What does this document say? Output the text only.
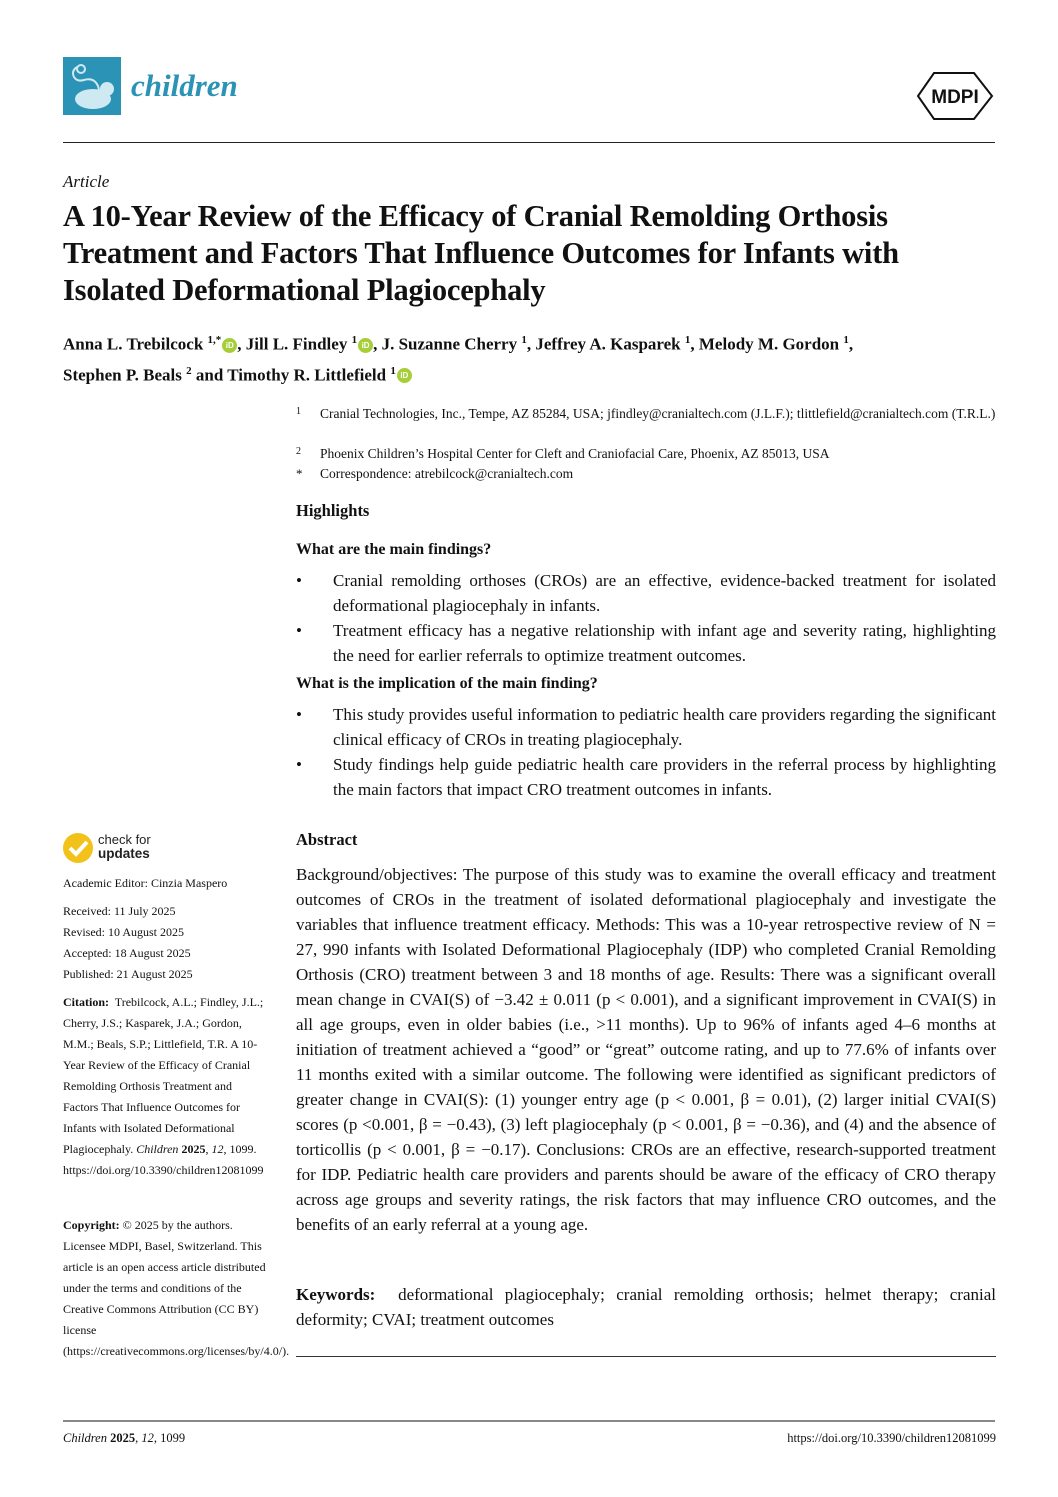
children	MDPI
Article
A 10-Year Review of the Efficacy of Cranial Remolding Orthosis Treatment and Factors That Influence Outcomes for Infants with Isolated Deformational Plagiocephaly
Anna L. Trebilcock $^{1,*}$ iD , Jill L. Findley $^1$ iD , J. Suzanne Cherry $^1$, Jeffrey A. Kasparek $^1$, Melody M. Gordon $^1$,
Stephen P. Beals $^2$ and Timothy R. Littlefield $^1$ iD
1 Cranial Technologies, Inc., Tempe, AZ 85284, USA; jfindley@cranialtech.com (J.L.F.); tlittlefield@cranialtech.com (T.R.L.)
2 Phoenix Children’s Hospital Center for Cleft and Craniofacial Care, Phoenix, AZ 85013, USA
* Correspondence: atrebilcock@cranialtech.com
Highlights
What are the main findings?
• Cranial remolding orthoses (CROs) are an effective, evidence-backed treatment for isolated deformational plagiocephaly in infants.
• Treatment efficacy has a negative relationship with infant age and severity rating, highlighting the need for earlier referrals to optimize treatment outcomes.
What is the implication of the main finding?
• This study provides useful information to pediatric health care providers regarding the significant clinical efficacy of CROs in treating plagiocephaly.
• Study findings help guide pediatric health care providers in the referral process by highlighting the main factors that impact CRO treatment outcomes in infants.
Abstract
Background/objectives: The purpose of this study was to examine the overall efficacy and treatment outcomes of CROs in the treatment of isolated deformational plagiocephaly and investigate the variables that influence treatment efficacy. Methods: This was a 10-year retrospective review of N = 27, 990 infants with Isolated Deformational Plagiocephaly (IDP) who completed Cranial Remolding Orthosis (CRO) treatment between 3 and 18 months of age. Results: There was a significant overall mean change in CVAI(S) of −3.42 ± 0.011 (p < 0.001), and a significant improvement in CVAI(S) in all age groups, even in older babies (i.e., >11 months). Up to 96% of infants aged 4–6 months at initiation of treatment achieved a “good” or “great” outcome rating, and up to 77.6% of infants over 11 months exited with a similar outcome. The following were identified as significant predictors of greater change in CVAI(S): (1) younger entry age (p < 0.001, β = 0.01), (2) larger initial CVAI(S) scores (p <0.001, β = −0.43), (3) left plagiocephaly (p < 0.001, β = −0.36), and (4) and the absence of torticollis (p < 0.001, β = −0.17). Conclusions: CROs are an effective, research-supported treatment for IDP. Pediatric health care providers and parents should be aware of the efficacy of CRO therapy across age groups and severity ratings, the risk factors that may influence CRO outcomes, and the benefits of an early referral at a young age.
Keywords: deformational plagiocephaly; cranial remolding orthosis; helmet therapy; cranial deformity; CVAI; treatment outcomes
check for
updates
Academic Editor: Cinzia Maspero
Received: 11 July 2025
Revised: 10 August 2025
Accepted: 18 August 2025
Published: 21 August 2025
Citation: Trebilcock, A.L.; Findley, J.L.; Cherry, J.S.; Kasparek, J.A.; Gordon, M.M.; Beals, S.P.; Littlefield, T.R. A 10-Year Review of the Efficacy of Cranial Remolding Orthosis Treatment and Factors That Influence Outcomes for Infants with Isolated Deformational Plagiocephaly. Children 2025, 12, 1099. https://doi.org/10.3390/children12081099
Copyright: © 2025 by the authors. Licensee MDPI, Basel, Switzerland. This article is an open access article distributed under the terms and conditions of the Creative Commons Attribution (CC BY) license (https://creativecommons.org/licenses/by/4.0/).
Children 2025, 12, 1099	https://doi.org/10.3390/children12081099
